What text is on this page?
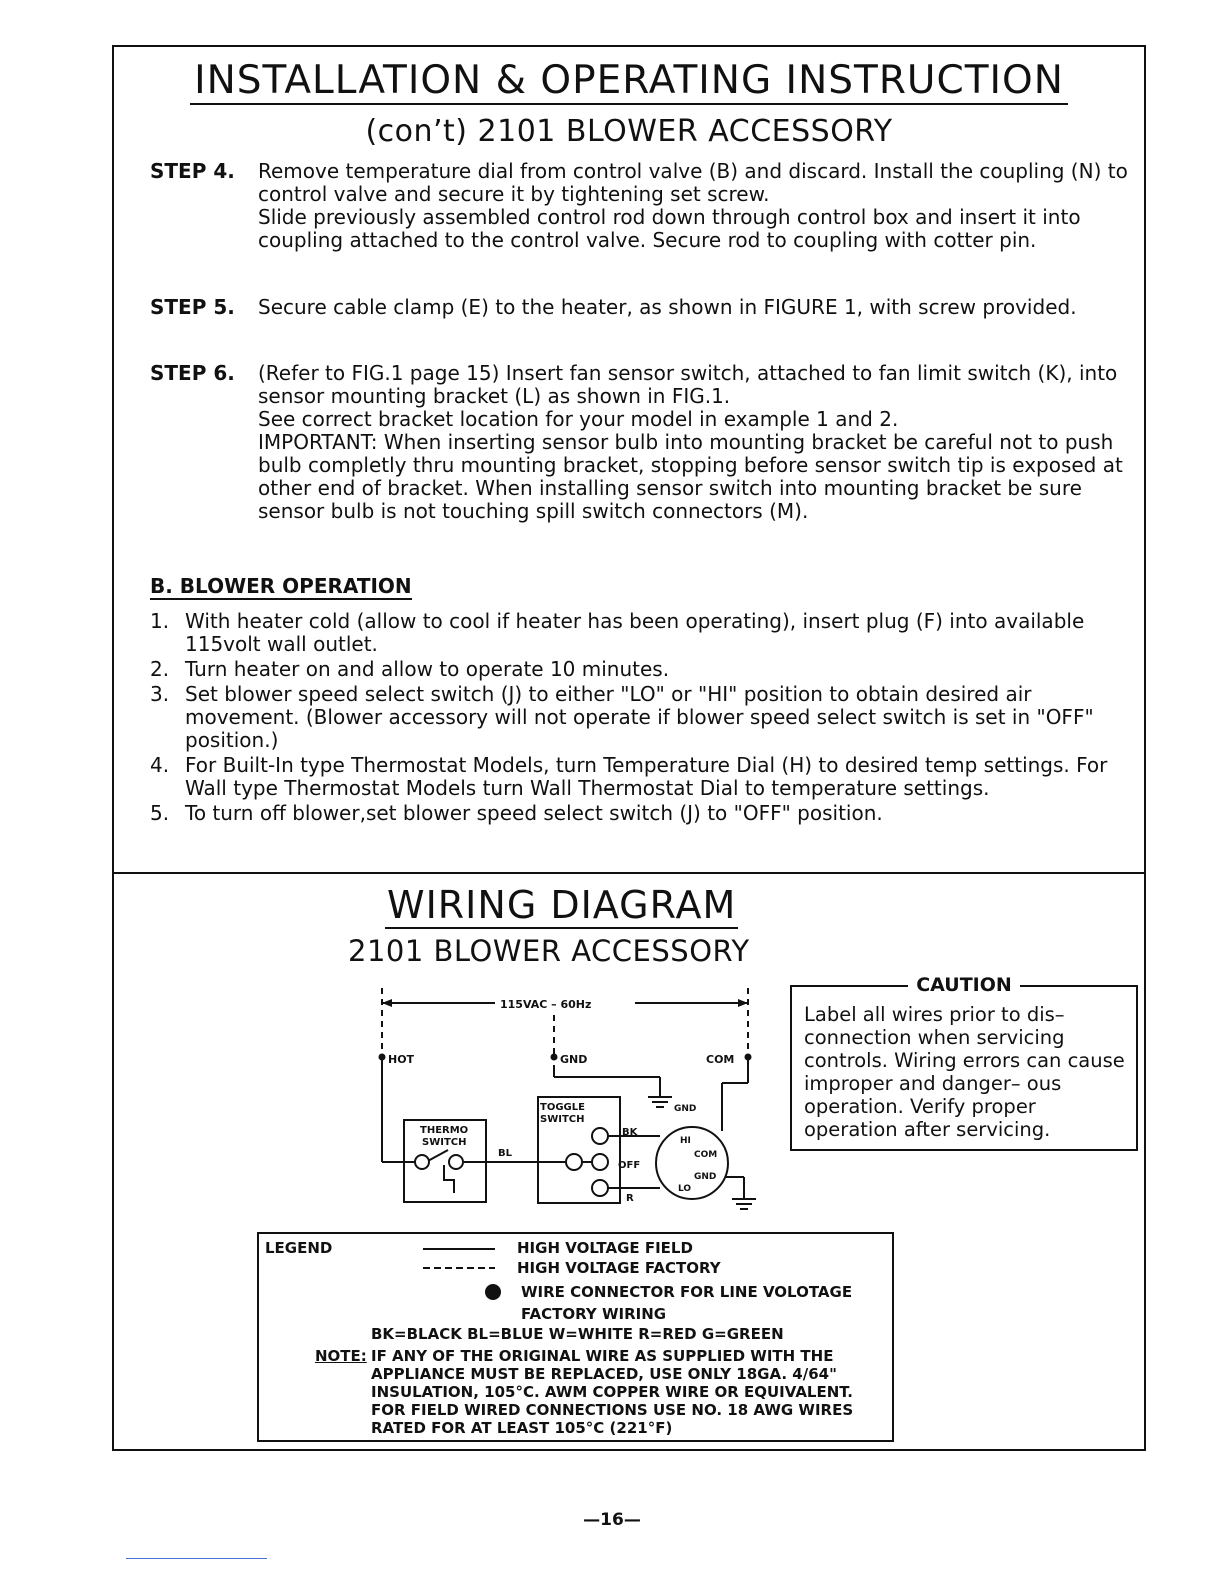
INSTALLATION & OPERATING INSTRUCTION
(con’t) 2101 BLOWER ACCESSORY
STEP 4. Remove temperature dial from control valve (B) and discard. Install the coupling (N) to control valve and secure it by tightening set screw.

Slide previously assembled control rod down through control box and insert it into coupling attached to the control valve. Secure rod to coupling with cotter pin.

STEP 5. Secure cable clamp (E) to the heater, as shown in FIGURE 1, with screw provided.

STEP 6. (Refer to FIG.1 page 15) Insert fan sensor switch, attached to fan limit switch (K), into sensor mounting bracket (L) as shown in FIG.1.

See correct bracket location for your model in example 1 and 2.

IMPORTANT: When inserting sensor bulb into mounting bracket be careful not to push bulb completly thru mounting bracket, stopping before sensor switch tip is exposed at other end of bracket. When installing sensor switch into mounting bracket be sure sensor bulb is not touching spill switch connectors (M).

B. BLOWER OPERATION
1. With heater cold (allow to cool if heater has been operating), insert plug (F) into available 115volt wall outlet.
2. Turn heater on and allow to operate 10 minutes.
3. Set blower speed select switch (J) to either "LO" or "HI" position to obtain desired air movement. (Blower accessory will not operate if blower speed select switch is set in "OFF" position.)
4. For Built-In type Thermostat Models, turn Temperature Dial (H) to desired temp settings. For Wall type Thermostat Models turn Wall Thermostat Dial to temperature settings.
5. To turn off blower,set blower speed select switch (J) to "OFF" position.
WIRING DIAGRAM
2101 BLOWER ACCESSORY
115VAC – 60Hz
HOT	GND	COM
GND
THERMO
SWITCH
TOGGLE
SWITCH
BL
BK
OFF
R
HI
COM
GND
LO
CAUTION
Label all wires prior to dis– connection when servicing controls. Wiring errors can cause improper and danger– ous operation. Verify proper operation after servicing.
LEGEND	HIGH VOLTAGE FIELD
HIGH VOLTAGE FACTORY
WIRE CONNECTOR FOR LINE VOLOTAGE
FACTORY WIRING
BK=BLACK BL=BLUE W=WHITE R=RED G=GREEN
NOTE: IF ANY OF THE ORIGINAL WIRE AS SUPPLIED WITH THE
APPLIANCE MUST BE REPLACED, USE ONLY 18GA. 4/64"
INSULATION, 105°C. AWM COPPER WIRE OR EQUIVALENT.
FOR FIELD WIRED CONNECTIONS USE NO. 18 AWG WIRES
RATED FOR AT LEAST 105°C (221°F)
—16—
